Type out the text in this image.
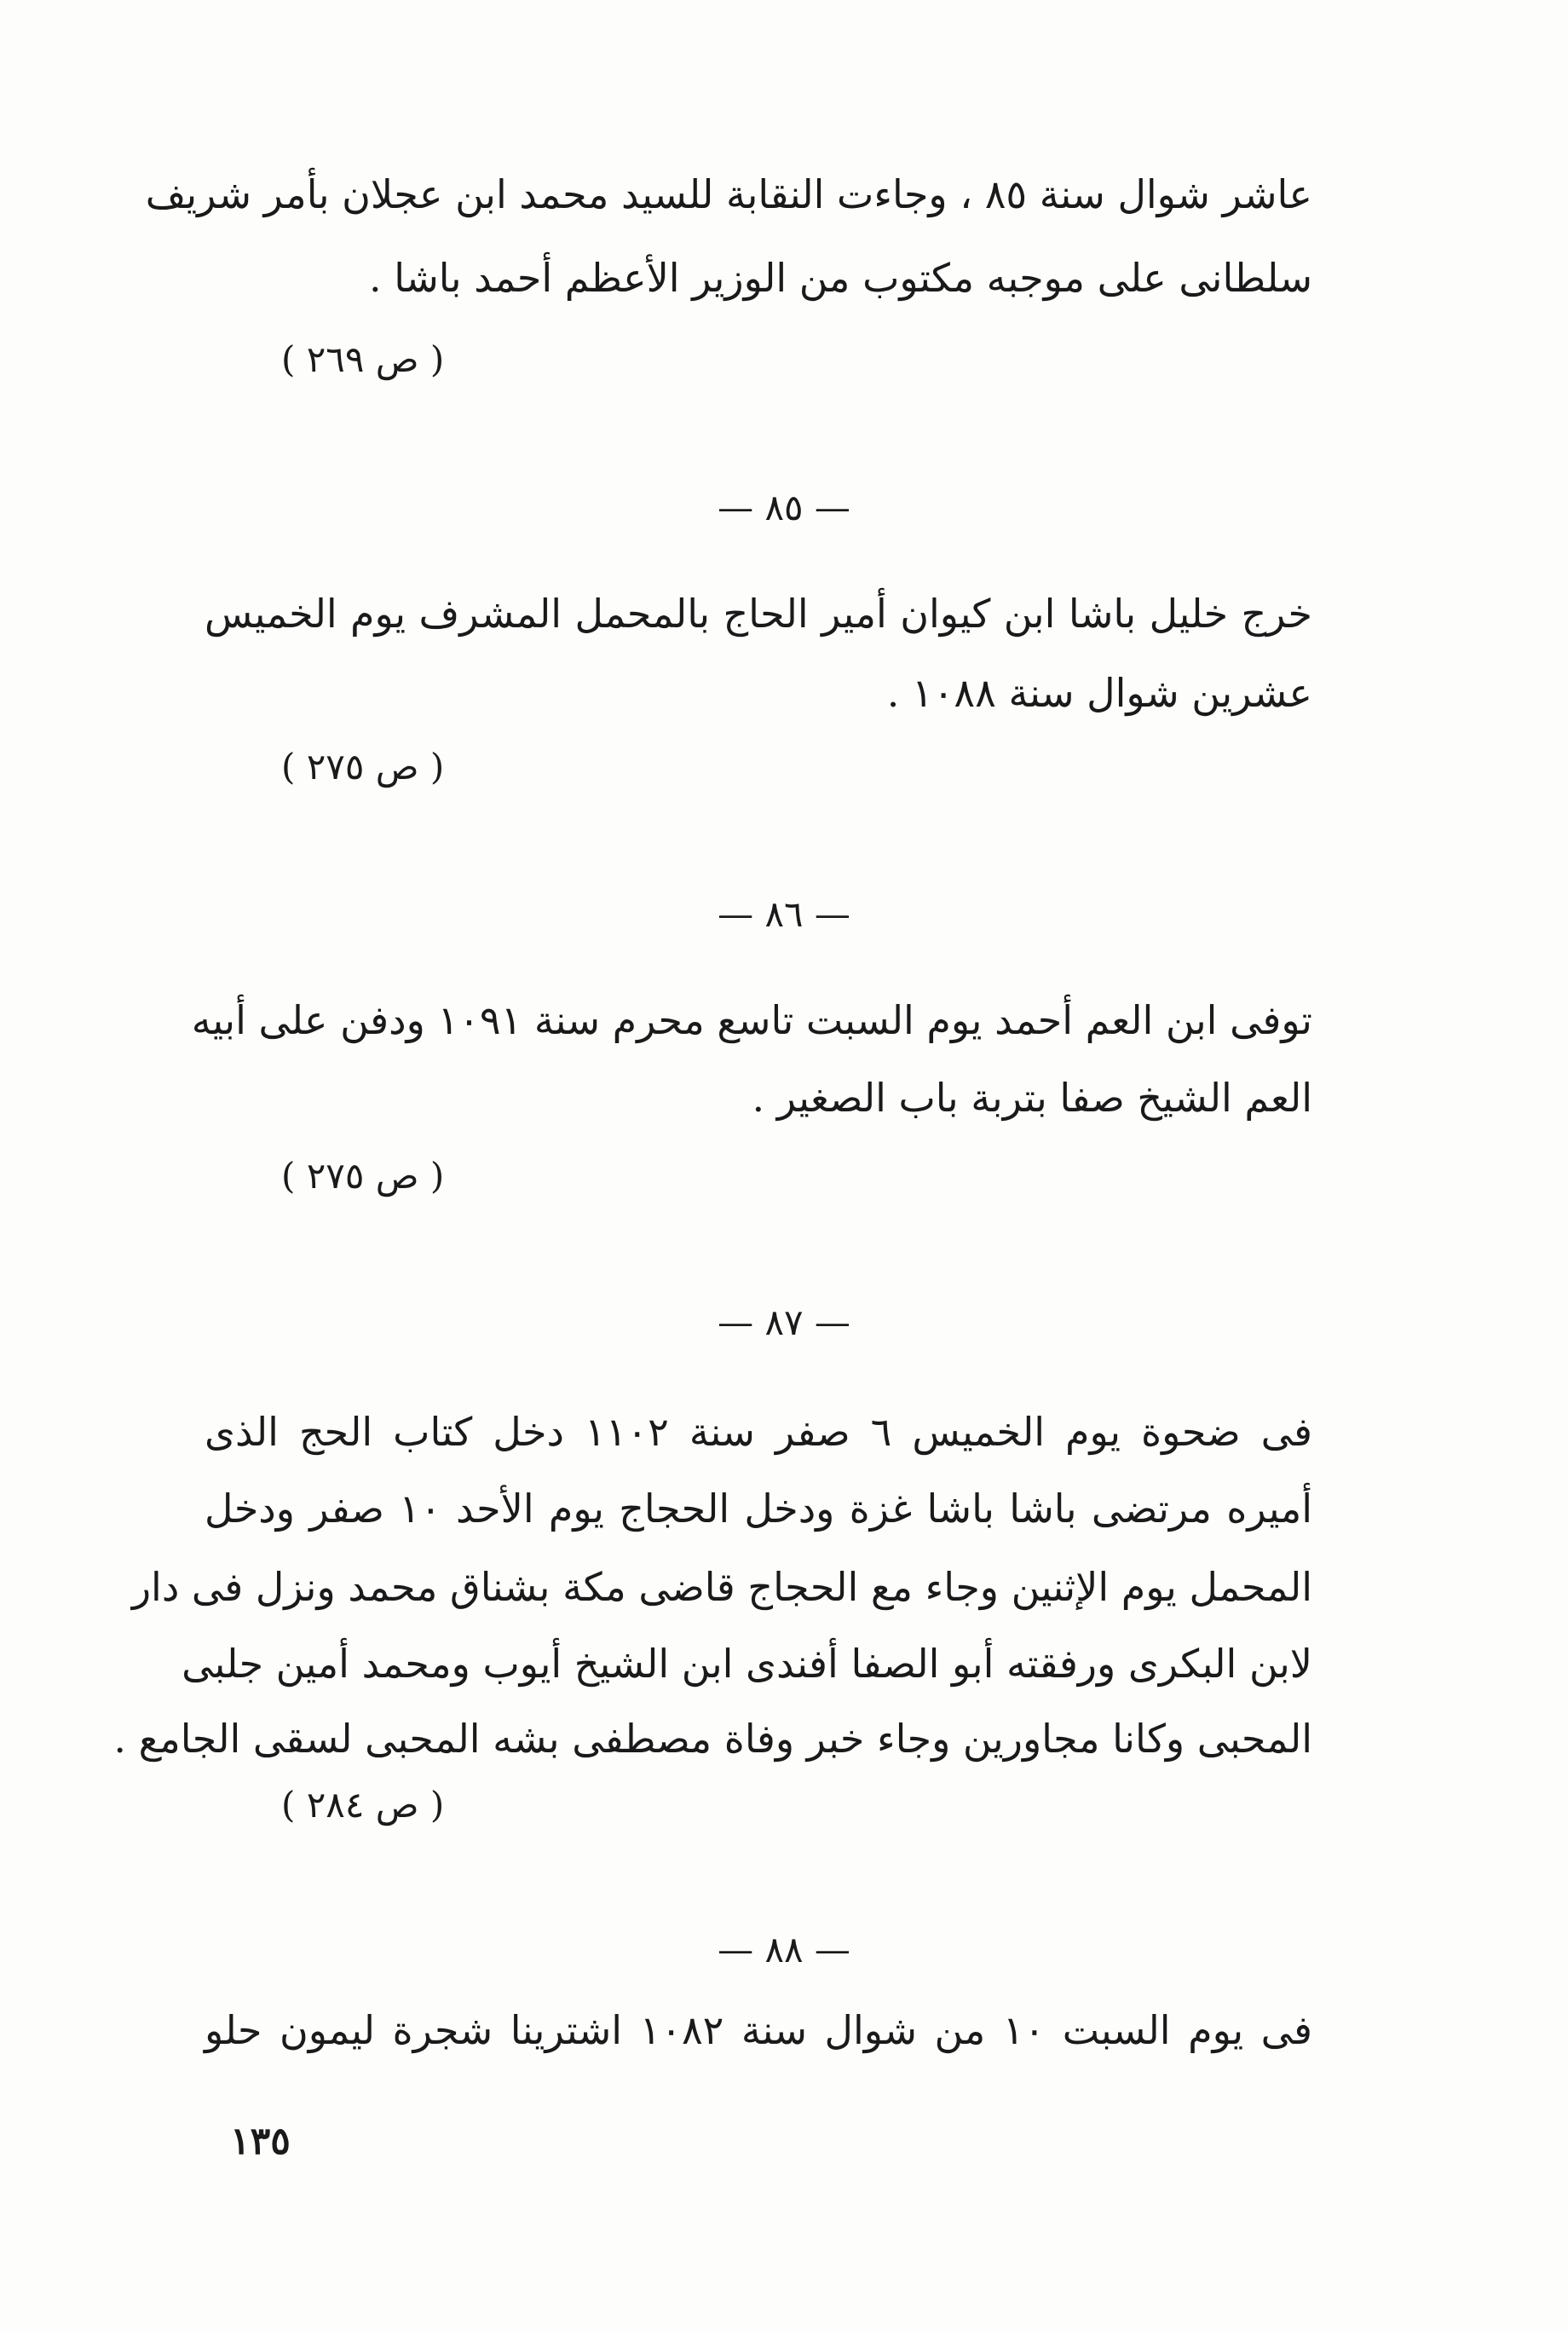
عاشر شوال سنة ٨٥ ، وجاءت النقابة للسيد محمد ابن عجلان بأمر شريف
سلطانى على موجبه مكتوب من الوزير الأعظم أحمد باشا .
( ص ٢٦٩ )
— ٨٥ —
خرج خليل باشا ابن كيوان أمير الحاج بالمحمل المشرف يوم الخميس
عشرين شوال سنة ١٠٨٨ .
( ص ٢٧٥ )
— ٨٦ —
توفى ابن العم أحمد يوم السبت تاسع محرم سنة ١٠٩١ ودفن على أبيه
العم الشيخ صفا بتربة باب الصغير .
( ص ٢٧٥ )
— ٨٧ —
فى ضحوة يوم الخميس ٦ صفر سنة ١١٠٢ دخل كتاب الحج الذى
أميره مرتضى باشا باشا غزة ودخل الحجاج يوم الأحد ١٠ صفر ودخل
المحمل يوم الإثنين وجاء مع الحجاج قاضى مكة بشناق محمد ونزل فى دار
لابن البكرى ورفقته أبو الصفا أفندى ابن الشيخ أيوب ومحمد أمين جلبى
المحبى وكانا مجاورين وجاء خبر وفاة مصطفى بشه المحبى لسقى الجامع .
( ص ٢٨٤ )
— ٨٨ —
فى يوم السبت ١٠ من شوال سنة ١٠٨٢ اشترينا شجرة ليمون حلو
١٣٥
